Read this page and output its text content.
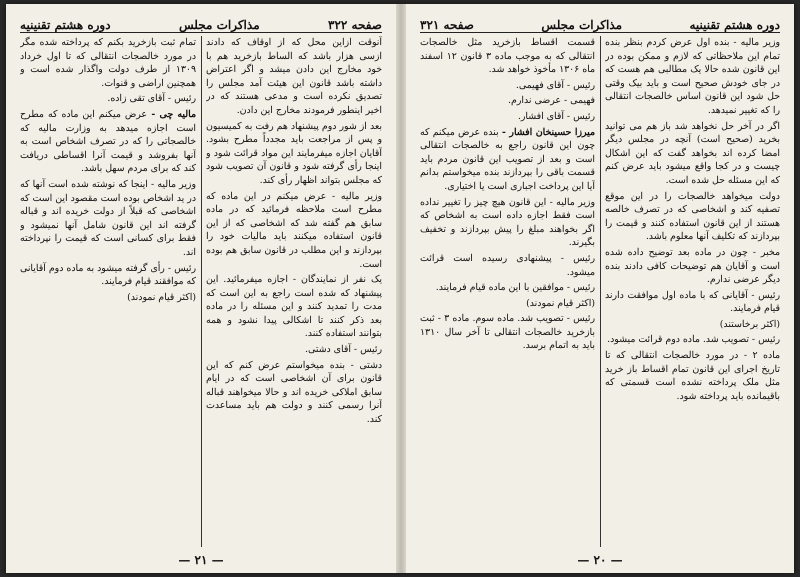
صفحه ۳۲۲
مذاکرات مجلس
دوره هشتم تقنینیه

آنوقت ازاین محل که از اوقاف که دادند ازسی هزار باشد که الساط بازخرید هم با خود مخارج این دادن میشد و اگر اعتراض داشته باشد قانون این هیئت آمد مجلس را تصدیق نکرده است و مدعی هستند که در اخیر اینطور فرمودند مخارج این دادن.

بعد از شور دوم پیشنهاد هم رفت به کمیسیون و پس از مراجعت باید مجدداً مطرح بشود. آقایان اجازه میفرمایند این مواد قرائت شود و اینجا رأی گرفته شود و قانون آن تصویب شود که مجلس بتواند اظهار رأی کند.

وزیر مالیه - عرض میکنم در این ماده که مطرح است ملاحظه فرمائید که در ماده سابق هم گفته شد که اشخاصی که از این قانون استفاده میکنند باید مالیات خود را بپردازند و این مطلب در قانون سابق هم بوده است.

یک نفر از نمایندگان - اجازه میفرمائید. این پیشنهاد که شده است راجع به این است که مدت را تمدید کنند و این مسئله را در ماده بعد ذکر کنند تا اشکالی پیدا نشود و همه بتوانند استفاده کنند.

رئیس - آقای دشتی.

دشتی - بنده میخواستم عرض کنم که این قانون برای آن اشخاصی است که در ایام سابق املاکی خریده اند و حالا میخواهند قباله آنرا رسمی کنند و دولت هم باید مساعدت کند.

تمام ثبت بازخرید بکنم که پرداخته شده مگر در مورد خالصجات انتقالی که تا اول خرداد ۱۳۰۹ از طرف دولت واگذار شده است و همچنین اراضی و قنوات.

رئیس - آقای تقی زاده.

مالیه چی - عرض میکنم این ماده که مطرح است اجازه میدهد به وزارت مالیه که خالصجاتی را که در تصرف اشخاص است به آنها بفروشد و قیمت آنرا اقساطی دریافت کند که برای مردم سهل باشد.

وزیر مالیه - اینجا که نوشته شده است آنها که در ید اشخاص بوده است مقصود این است که اشخاصی که قبلاً از دولت خریده اند و قباله گرفته اند این قانون شامل آنها نمیشود و فقط برای کسانی است که قیمت را نپرداخته اند.

رئیس - رأی گرفته میشود به ماده دوم آقایانی که موافقند قیام فرمایند.

(اکثر قیام نمودند)

— ۲۱ —
دوره هشتم تقنینیه
مذاکرات مجلس
صفحه ۳۲۱

وزیر مالیه - بنده اول عرض کردم بنظر بنده تمام این ملاحظاتی که لازم و ممکن بوده در این قانون شده حالا یک مطالبی هم هست که در جای خودش صحیح است و باید بیک وقتی حل شود این قانون اساس خالصجات انتقالی را که تغییر نمیدهد.

اگر در آخر حل نخواهد شد باز هم می توانید بخرید (صحیح است) آنچه در مجلس دیگر امضا کرده اند بخواهد گفت که این اشکال چیست و در کجا واقع میشود باید عرض کنم که این مسئله حل شده است.

دولت میخواهد خالصجات را در این موقع تصفیه کند و اشخاصی که در تصرف خالصه هستند از این قانون استفاده کنند و قیمت را بپردازند که تکلیف آنها معلوم باشد.

مخبر - چون در ماده بعد توضیح داده شده است و آقایان هم توضیحات کافی دادند بنده دیگر عرضی ندارم.

رئیس - آقایانی که با ماده اول موافقت دارند قیام فرمایند.

(اکثر برخاستند)

رئیس - تصویب شد. ماده دوم قرائت میشود.

ماده ۲ - در مورد خالصجات انتقالی که تا تاریخ اجرای این قانون تمام اقساط باز خرید مثل ملک پرداخته نشده است قسمتی که باقیمانده باید پرداخته شود.

قسمت اقساط بازخرید مثل خالصجات انتقالی که به موجب ماده ۳ قانون ۱۲ اسفند ماه ۱۳۰۶ مأخوذ خواهد شد.

رئیس - آقای فهیمی.

فهیمی - عرضی ندارم.

رئیس - آقای افشار.

میرزا حسینخان افشار - بنده عرض میکنم که چون این قانون راجع به خالصجات انتقالی است و بعد از تصویب این قانون مردم باید قسمت باقی را بپردازند بنده میخواستم بدانم آیا این پرداخت اجباری است یا اختیاری.

وزیر مالیه - این قانون هیچ چیز را تغییر نداده است فقط اجازه داده است به اشخاص که اگر بخواهند مبلغ را پیش بپردازند و تخفیف بگیرند.

رئیس - پیشنهادی رسیده است قرائت میشود.

رئیس - موافقین با این ماده قیام فرمایند.

(اکثر قیام نمودند)

رئیس - تصویب شد. ماده سوم. ماده ۳ - ثبت بازخرید خالصجات انتقالی تا آخر سال ۱۳۱۰ باید به اتمام برسد.

— ۲۰ —
